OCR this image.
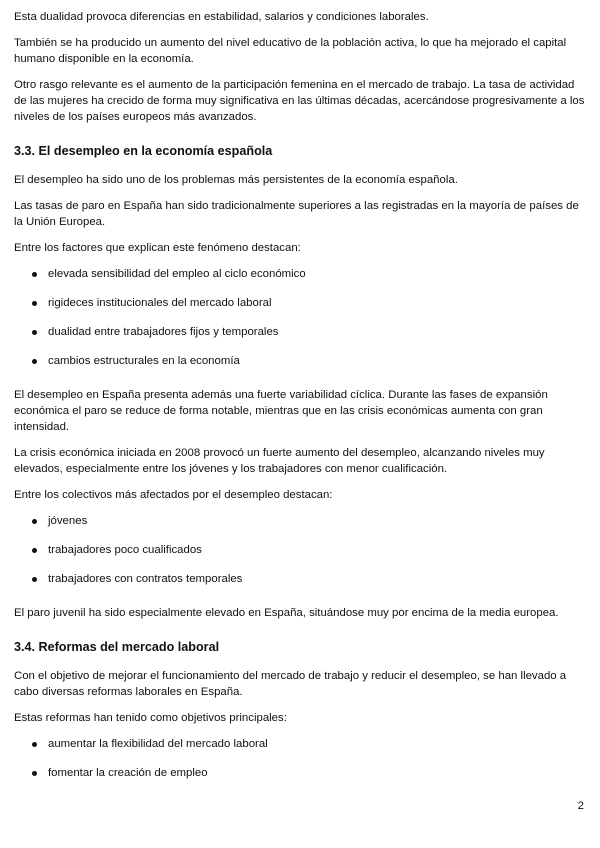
Esta dualidad provoca diferencias en estabilidad, salarios y condiciones laborales.

También se ha producido un aumento del nivel educativo de la población activa, lo que ha mejorado el capital humano disponible en la economía.

Otro rasgo relevante es el aumento de la participación femenina en el mercado de trabajo. La tasa de actividad de las mujeres ha crecido de forma muy significativa en las últimas décadas, acercándose progresivamente a los niveles de los países europeos más avanzados.

3.3. El desempleo en la economía española

El desempleo ha sido uno de los problemas más persistentes de la economía española.

Las tasas de paro en España han sido tradicionalmente superiores a las registradas en la mayoría de países de la Unión Europea.

Entre los factores que explican este fenómeno destacan:

elevada sensibilidad del empleo al ciclo económico
rigideces institucionales del mercado laboral
dualidad entre trabajadores fijos y temporales
cambios estructurales en la economía

El desempleo en España presenta además una fuerte variabilidad cíclica. Durante las fases de expansión económica el paro se reduce de forma notable, mientras que en las crisis económicas aumenta con gran intensidad.

La crisis económica iniciada en 2008 provocó un fuerte aumento del desempleo, alcanzando niveles muy elevados, especialmente entre los jóvenes y los trabajadores con menor cualificación.

Entre los colectivos más afectados por el desempleo destacan:

jóvenes
trabajadores poco cualificados
trabajadores con contratos temporales

El paro juvenil ha sido especialmente elevado en España, situándose muy por encima de la media europea.

3.4. Reformas del mercado laboral

Con el objetivo de mejorar el funcionamiento del mercado de trabajo y reducir el desempleo, se han llevado a cabo diversas reformas laborales en España.

Estas reformas han tenido como objetivos principales:

aumentar la flexibilidad del mercado laboral
fomentar la creación de empleo
2
